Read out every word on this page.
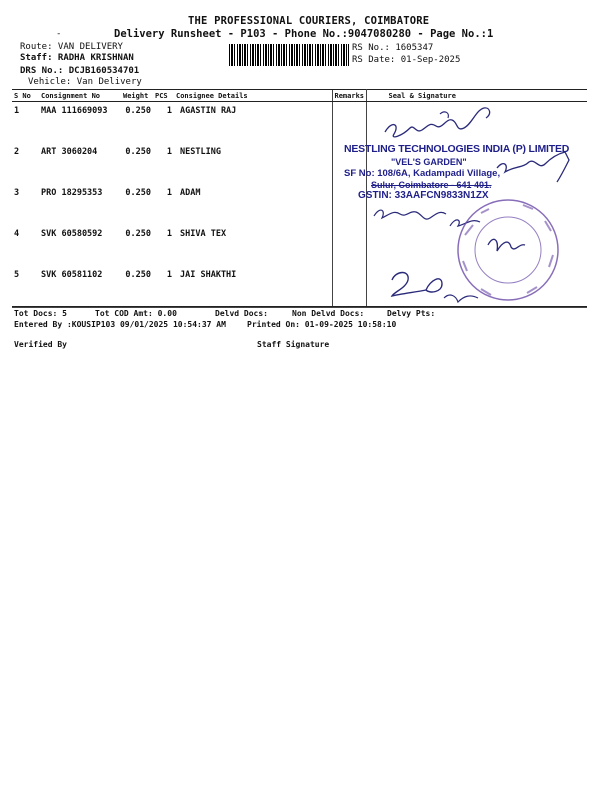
THE PROFESSIONAL COURIERS, COIMBATORE
-	Delivery Runsheet - P103 - Phone No.:9047080280 - Page No.:1
Route: VAN DELIVERY
Staff: RADHA KRISHNAN
DRS No.: DCJB160534701
Vehicle: Van Delivery
RS No.: 1605347
RS Date: 01-Sep-2025
S No	Consignment No	Weight	PCS	Consignee Details	Remarks	Seal & Signature
1	MAA 111669093	0.250	1	AGASTIN RAJ		
2	ART 3060204	0.250	1	NESTLING		
3	PRO 18295353	0.250	1	ADAM		
4	SVK 60580592	0.250	1	SHIVA TEX		
5	SVK 60581102	0.250	1	JAI SHAKTHI		
NESTLING TECHNOLOGIES INDIA (P) LIMITED
"VEL'S GARDEN"
SF No: 108/6A, Kadampadi Village,
Sulur, Coimbatore - 641 401.
GSTIN: 33AAFCN9833N1ZX
Tot Docs: 5	Tot COD Amt: 0.00	Delvd Docs:	Non Delvd Docs:	Delvy Pts:
Entered By :KOUSIP103 09/01/2025 10:54:37 AM	Printed On: 01-09-2025 10:58:10
Verified By	Staff Signature
